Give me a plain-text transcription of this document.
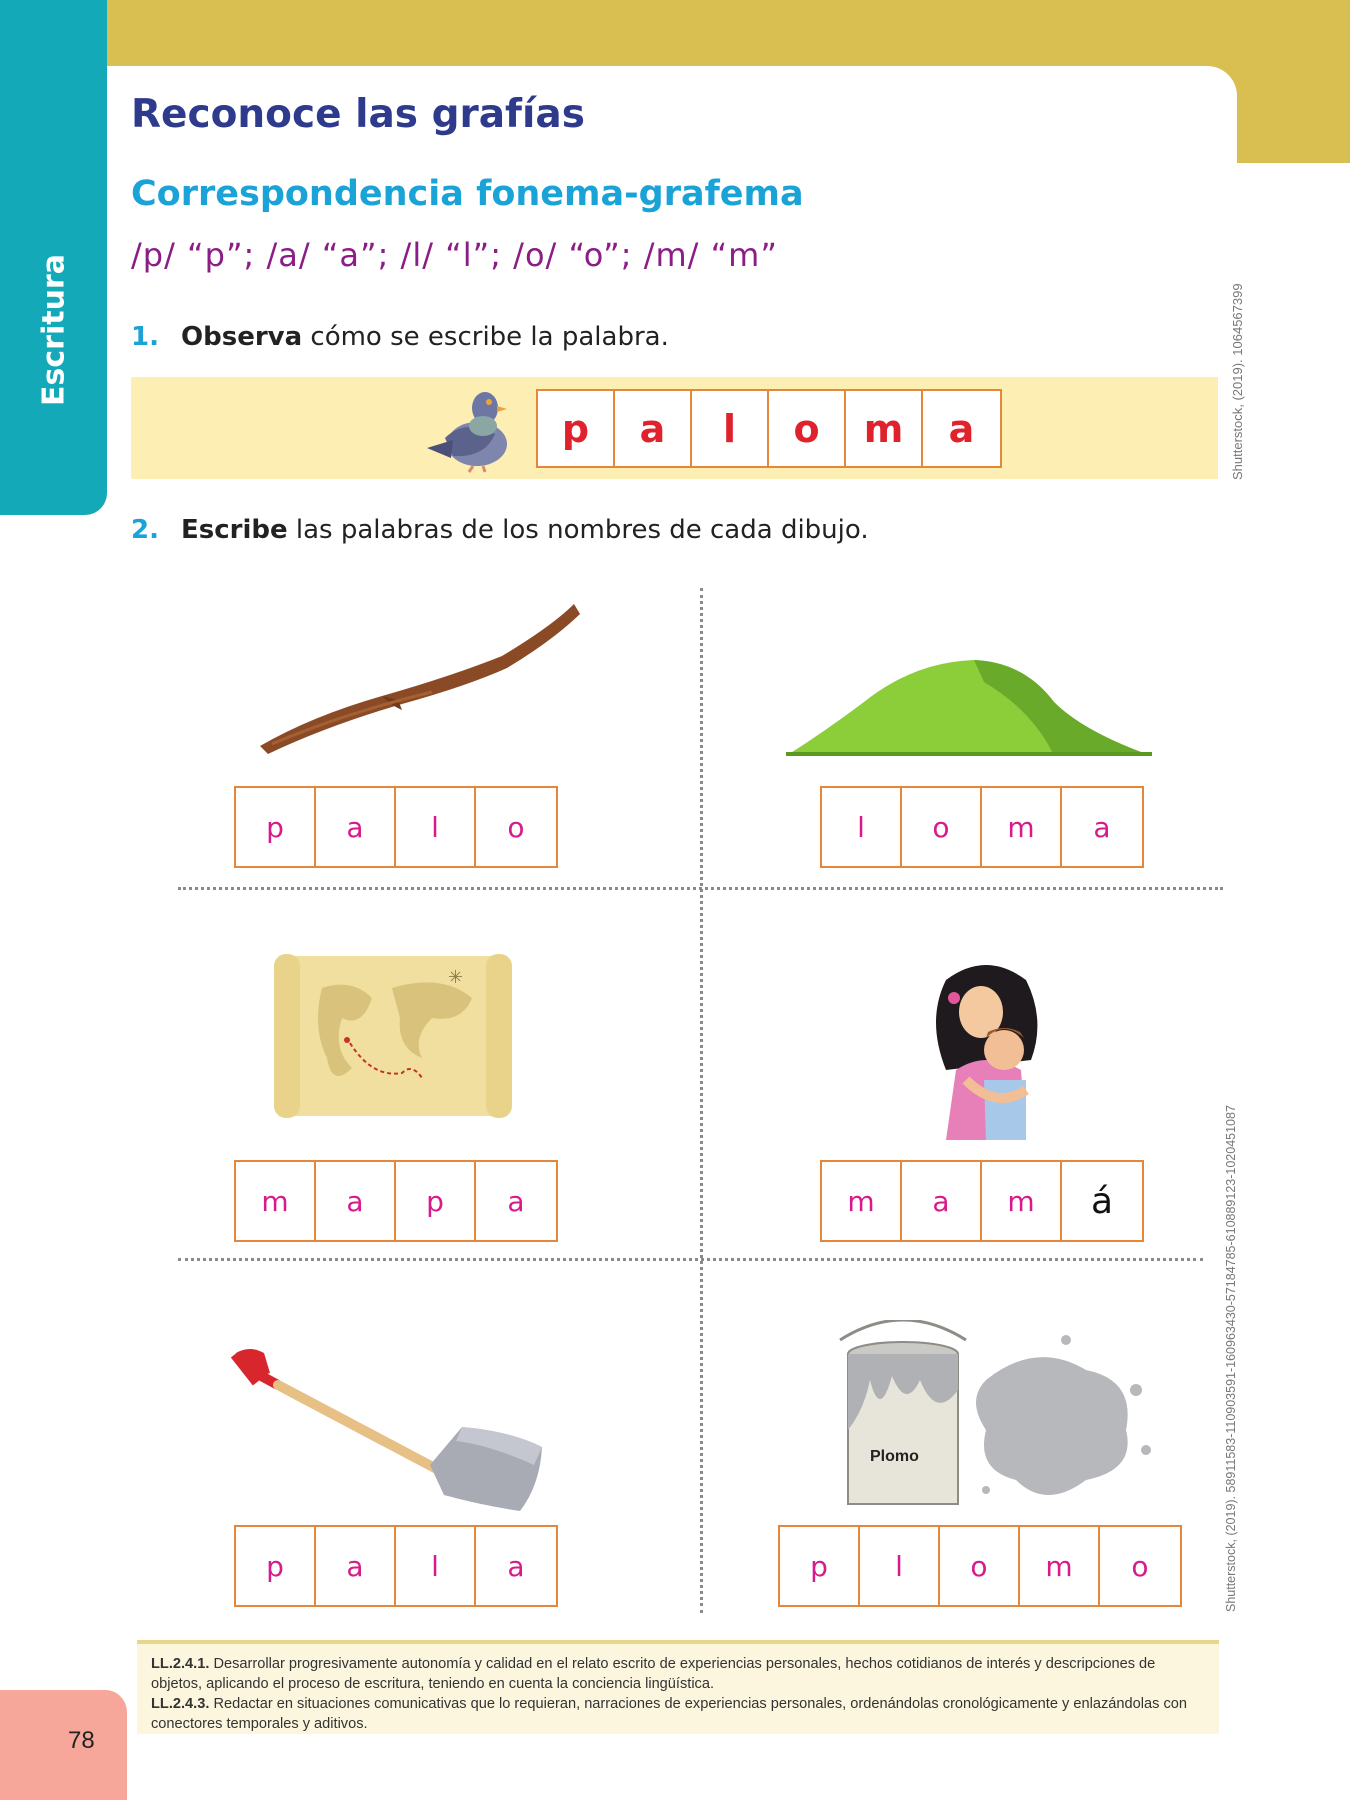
Escritura
Reconoce las grafías
Correspondencia fonema-grafema
/p/ “p”; /a/ “a”; /l/ “l”; /o/ “o”; /m/ “m”
1. Observa cómo se escribe la palabra.
p	a	l	o	m	a	Shutterstock, (2019). 1064567399
2. Escribe las palabras de los nombres de cada dibujo.
p	a	l	o	l	o	m	a
✳
m	a	p	a	m	a	m	á
p	a	l	a
Plomo
p	l	o	m	o	Shutterstock, (2019). 58911583-110903591-160963430-57184785-610889123-1020451087

LL.2.4.1. Desarrollar progresivamente autonomía y calidad en el relato escrito de experiencias personales, hechos cotidianos de interés y descripciones de objetos, aplicando el proceso de escritura, teniendo en cuenta la conciencia lingüística.

LL.2.4.3. Redactar en situaciones comunicativas que lo requieran, narraciones de experiencias personales, ordenándolas cronológicamente y enlazándolas con conectores temporales y aditivos.

78
